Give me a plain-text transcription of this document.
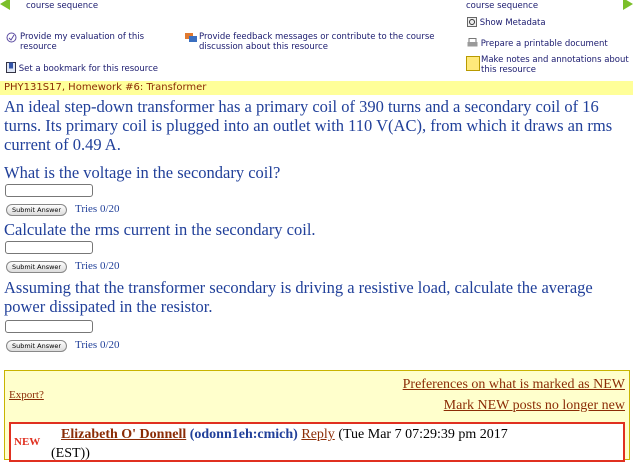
course sequence	course sequence
Show Metadata
Provide my evaluation of this resource
Provide feedback messages or contribute to the course discussion about this resource	Prepare a printable document
Set a bookmark for this resource
Make notes and annotations about this resource
PHY131S17, Homework #6: Transformer
An ideal step-down transformer has a primary coil of 390 turns and a secondary coil of 16 turns. Its primary coil is plugged into an outlet with 110 V(AC), from which it draws an rms current of 0.49 A.
What is the voltage in the secondary coil?
Submit Answer	Tries 0/20
Calculate the rms current in the secondary coil.
Submit Answer	Tries 0/20
Assuming that the transformer secondary is driving a resistive load, calculate the average power dissipated in the resistor.
Submit Answer	Tries 0/20
Export?
Preferences on what is marked as NEW
Mark NEW posts no longer new
NEW Elizabeth O' Donnell (odonn1eh:cmich) Reply (Tue Mar 7 07:29:39 pm 2017
(EST))
